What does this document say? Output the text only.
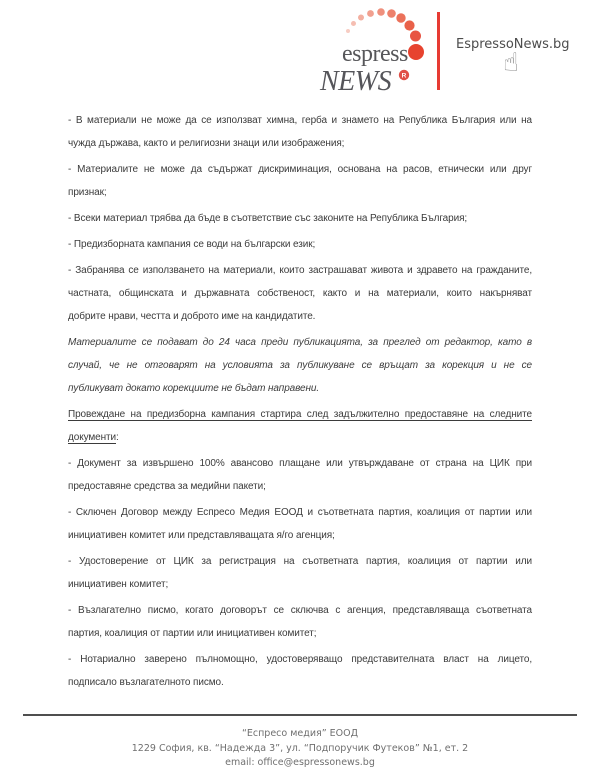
R
espress
NEWS
EspressoNews.bg
☝
- В материали не може да се използват химна, герба и знамето на Република България или на
чужда държава, както и религиозни знаци или изображения;
- Материалите не може да съдържат дискриминация, основана на расов, етнически или друг
признак;
- Всеки материал трябва да бъде в съответствие със законите на Република България;
- Предизборната кампания се води на български език;
- Забранява се използването на материали, които застрашават живота и здравето на гражданите,
частната, общинската и държавната собственост, както и на материали, които накърняват
добрите нрави, честта и доброто име на кандидатите.
Материалите се подават до 24 часа преди публикацията, за преглед от редактор, като в
случай, че не отговарят на условията за публикуване се връщат за корекция и не се
публикуват докато корекциите не бъдат направени.
Провеждане на предизборна кампания стартира след задължително предоставяне на следните
документи:
- Документ за извършено 100% авансово плащане или утвърждаване от страна на ЦИК при
предоставяне средства за медийни пакети;
- Сключен Договор между Еспресо Медия ЕООД и съответната партия, коалиция от партии или
инициативен комитет или представляващата я/го агенция;
- Удостоверение от ЦИК за регистрация на съответната партия, коалиция от партии или
инициативен комитет;
- Възлагателно писмо, когато договорът се сключва с агенция, представляваща съответната
партия, коалиция от партии или инициативен комитет;
- Нотариално заверено пълномощно, удостоверяващо представителната власт на лицето,
подписало възлагателното писмо.
“Еспресо медия” ЕООД
1229 София, кв. “Надежда 3”, ул. “Подпоручик Футеков” №1, ет. 2
email: office@espressonews.bg
